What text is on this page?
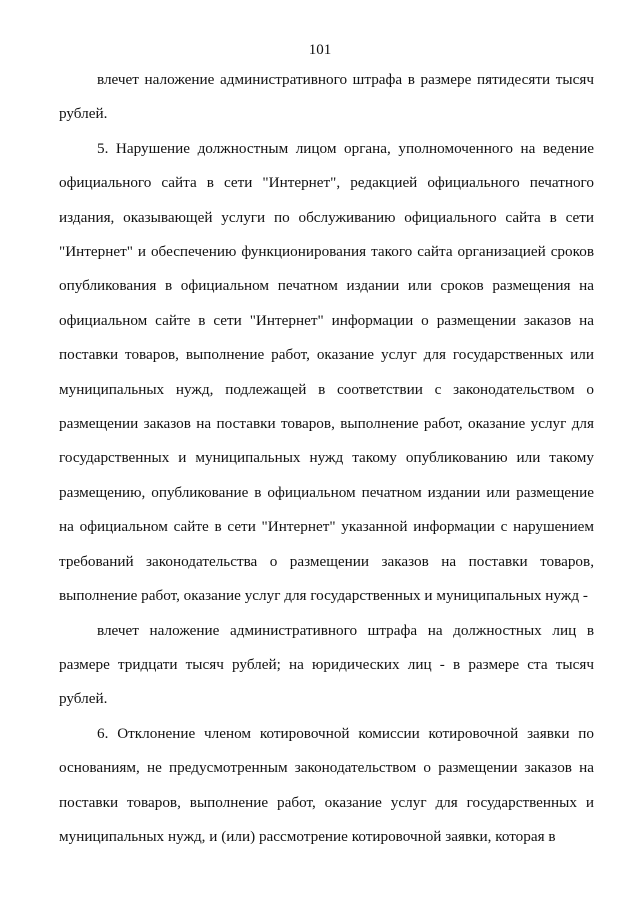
101

влечет наложение административного штрафа в размере пятидесяти тысяч рублей.

5. Нарушение должностным лицом органа, уполномоченного на ведение официального сайта в сети "Интернет", редакцией официального печатного издания, оказывающей услуги по обслуживанию официального сайта в сети "Интернет" и обеспечению функционирования такого сайта организацией сроков опубликования в официальном печатном издании или сроков размещения на официальном сайте в сети "Интернет" информации о размещении заказов на поставки товаров, выполнение работ, оказание услуг для государственных или муниципальных нужд, подлежащей в соответствии с законодательством о размещении заказов на поставки товаров, выполнение работ, оказание услуг для государственных и муниципальных нужд такому опубликованию или такому размещению, опубликование в официальном печатном издании или размещение на официальном сайте в сети "Интернет" указанной информации с нарушением требований законодательства о размещении заказов на поставки товаров, выполнение работ, оказание услуг для государственных и муниципальных нужд -

влечет наложение административного штрафа на должностных лиц в размере тридцати тысяч рублей; на юридических лиц - в размере ста тысяч рублей.

6. Отклонение членом котировочной комиссии котировочной заявки по основаниям, не предусмотренным законодательством о размещении заказов на поставки товаров, выполнение работ, оказание услуг для государственных и муниципальных нужд, и (или) рассмотрение котировочной заявки, которая в
